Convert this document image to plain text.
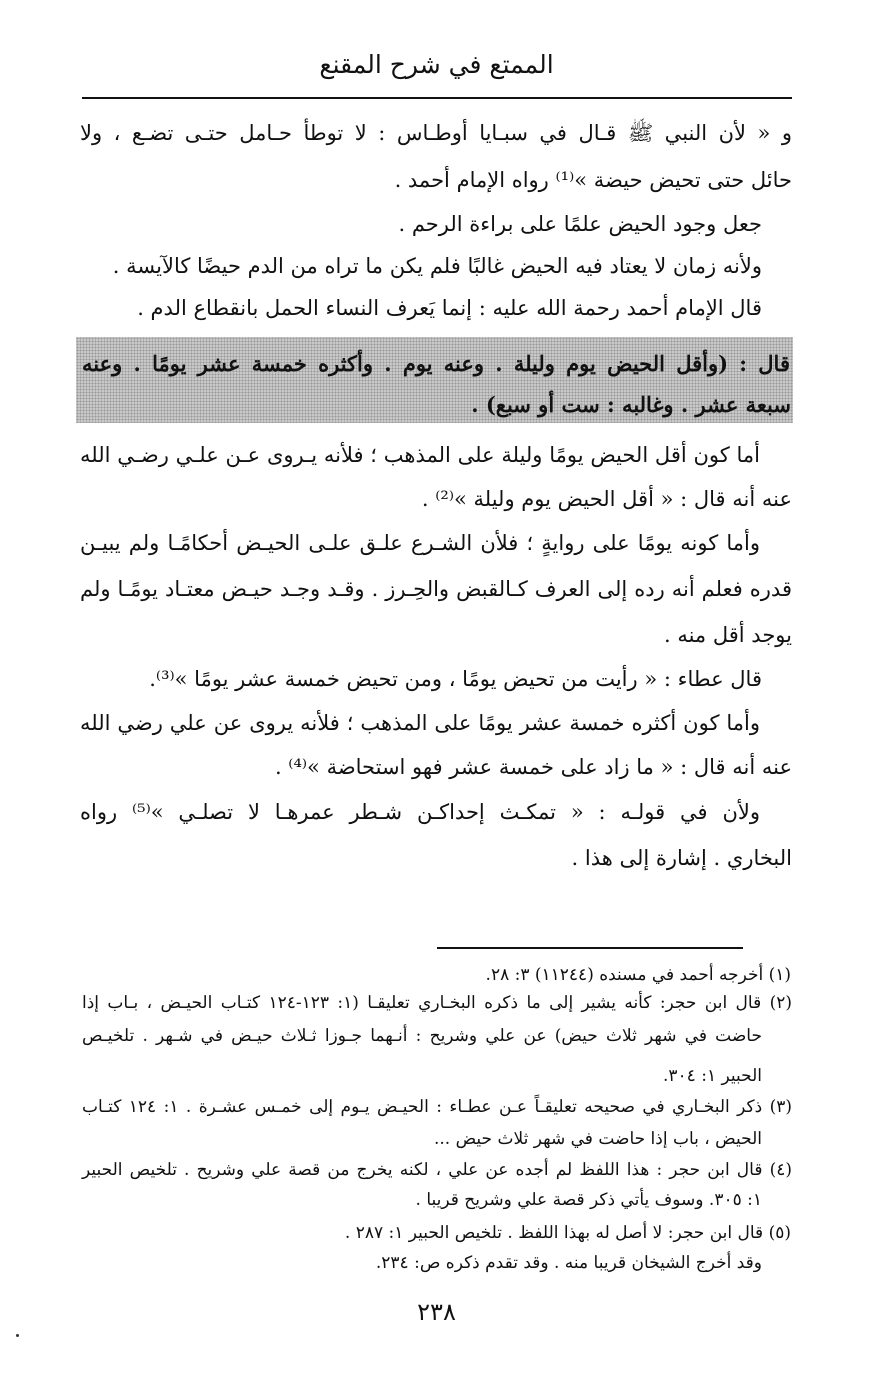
الممتع في شرح المقنع
و « لأن النبي ﷺ قـال في سبـايا أوطـاس : لا توطأ حـامل حتـى تضـع ، ولا
حائل حتى تحيض حيضة »⁽¹⁾ رواه الإمام أحمد .
جعل وجود الحيض علمًا على براءة الرحم .
ولأنه زمان لا يعتاد فيه الحيض غالبًا فلم يكن ما تراه من الدم حيضًا كالآيسة .
قال الإمام أحمد رحمة الله عليه : إنما يَعرف النساء الحمل بانقطاع الدم .
قال : (وأقل الحيض يوم وليلة . وعنه يوم . وأكثره خمسة عشر يومًا . وعنه
سبعة عشر . وغالبه : ست أو سبع) .
أما كون أقل الحيض يومًا وليلة على المذهب ؛ فلأنه يـروى عـن علـي رضـي الله
عنه أنه قال : « أقل الحيض يوم وليلة »⁽²⁾ .
وأما كونه يومًا على روايةٍ ؛ فلأن الشـرع علـق علـى الحيـض أحكامًـا ولم يبيـن
قدره فعلم أنه رده إلى العرف كـالقبض والحِـرز . وقـد وجـد حيـض معتـاد يومًـا ولم
يوجد أقل منه .
قال عطاء : « رأيت من تحيض يومًا ، ومن تحيض خمسة عشر يومًا »⁽³⁾.
وأما كون أكثره خمسة عشر يومًا على المذهب ؛ فلأنه يروى عن علي رضي الله
عنه أنه قال : « ما زاد على خمسة عشر فهو استحاضة »⁽⁴⁾ .
ولأن في قولـه : « تمكـث إحداكـن شـطر عمرهـا لا تصلـي »⁽⁵⁾ رواه
البخاري . إشارة إلى هذا .
(١) أخرجه أحمد في مسنده (١١٢٤٤) ٣: ٢٨.
(٢) قال ابن حجر: كأنه يشير إلى ما ذكره البخـاري تعليقـا (١: ١٢٣-١٢٤ كتـاب الحيـض ، بـاب إذا
حاضت في شهر ثلاث حيض) عن علي وشريح : أنـهما جـوزا ثـلاث حيـض في شـهر . تلخيـص
الحبير ١: ٣٠٤.
(٣) ذكر البخـاري في صحيحه تعليقـاً عـن عطـاء : الحيـض يـوم إلى خمـس عشـرة . ١: ١٢٤ كتـاب
الحيض ، باب إذا حاضت في شهر ثلاث حيض ...
(٤) قال ابن حجر : هذا اللفظ لم أجده عن علي ، لكنه يخرج من قصة علي وشريح . تلخيص الحبير
١: ٣٠٥. وسوف يأتي ذكر قصة علي وشريح قريبا .
(٥) قال ابن حجر: لا أصل له بهذا اللفظ . تلخيص الحبير ١: ٢٨٧ .
وقد أخرج الشيخان قريبا منه . وقد تقدم ذكره ص: ٢٣٤.
٢٣٨
